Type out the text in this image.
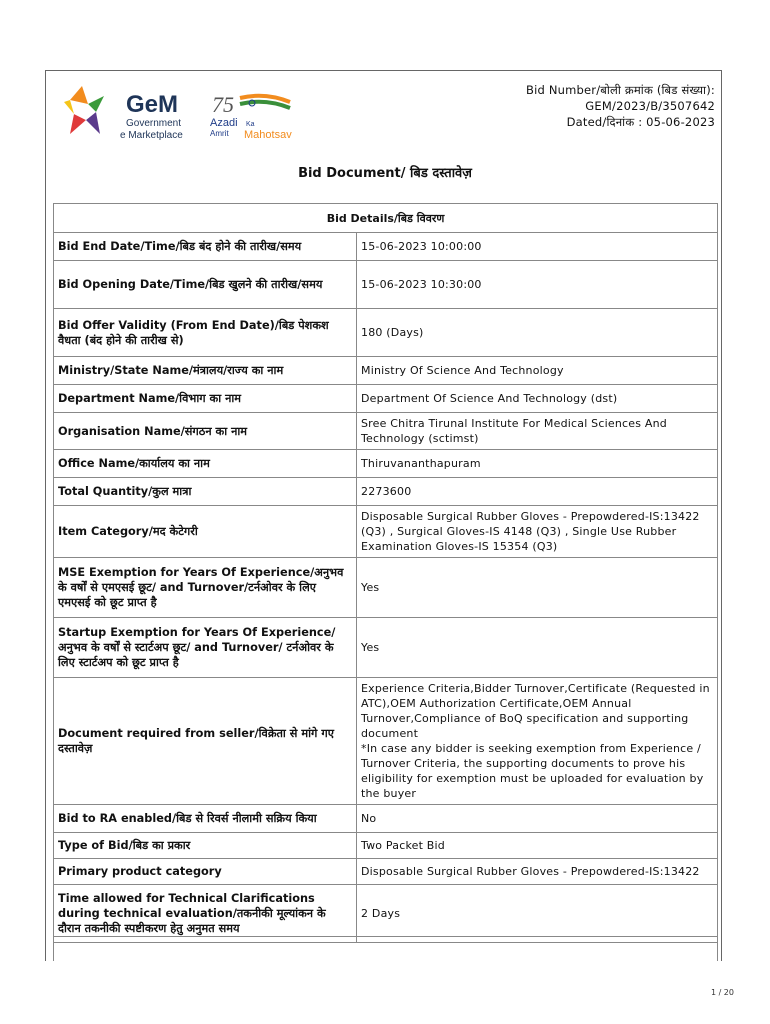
GeM
Government
e Marketplace
75
Azadi Ka
Amrit Mahotsav
Bid Number/बोली क्रमांक (बिड संख्या):
GEM/2023/B/3507642
Dated/दिनांक : 05-06-2023
Bid Document/ बिड दस्तावेज़
Bid Details/बिड विवरण	
Bid End Date/Time/बिड बंद होने की तारीख/समय	15-06-2023 10:00:00
Bid Opening Date/Time/बिड खुलने की तारीख/समय	15-06-2023 10:30:00
Bid Offer Validity (From End Date)/बिड पेशकश वैधता (बंद होने की तारीख से)	180 (Days)
Ministry/State Name/मंत्रालय/राज्य का नाम	Ministry Of Science And Technology
Department Name/विभाग का नाम	Department Of Science And Technology (dst)
Organisation Name/संगठन का नाम	Sree Chitra Tirunal Institute For Medical Sciences And Technology (sctimst)
Office Name/कार्यालय का नाम	Thiruvananthapuram
Total Quantity/कुल मात्रा	2273600
Item Category/मद केटेगरी	Disposable Surgical Rubber Gloves - Prepowdered-IS:13422 (Q3) , Surgical Gloves-IS 4148 (Q3) , Single Use Rubber Examination Gloves-IS 15354 (Q3)
MSE Exemption for Years Of Experience/अनुभव के वर्षों से एमएसई छूट/ and Turnover/टर्नओवर के लिए एमएसई को छूट प्राप्त है	Yes
Startup Exemption for Years Of Experience/अनुभव के वर्षों से स्टार्टअप छूट/ and Turnover/ टर्नओवर के लिए स्टार्टअप को छूट प्राप्त है	Yes
Document required from seller/विक्रेता से मांगे गए दस्तावेज़	Experience Criteria,Bidder Turnover,Certificate (Requested in ATC),OEM Authorization Certificate,OEM Annual Turnover,Compliance of BoQ specification and supporting document
*In case any bidder is seeking exemption from Experience / Turnover Criteria, the supporting documents to prove his eligibility for exemption must be uploaded for evaluation by the buyer
Bid to RA enabled/बिड से रिवर्स नीलामी सक्रिय किया	No
Type of Bid/बिड का प्रकार	Two Packet Bid
Primary product category	Disposable Surgical Rubber Gloves - Prepowdered-IS:13422
Time allowed for Technical Clarifications during technical evaluation/तकनीकी मूल्यांकन के दौरान तकनीकी स्पष्टीकरण हेतु अनुमत समय	2 Days
1 / 20
